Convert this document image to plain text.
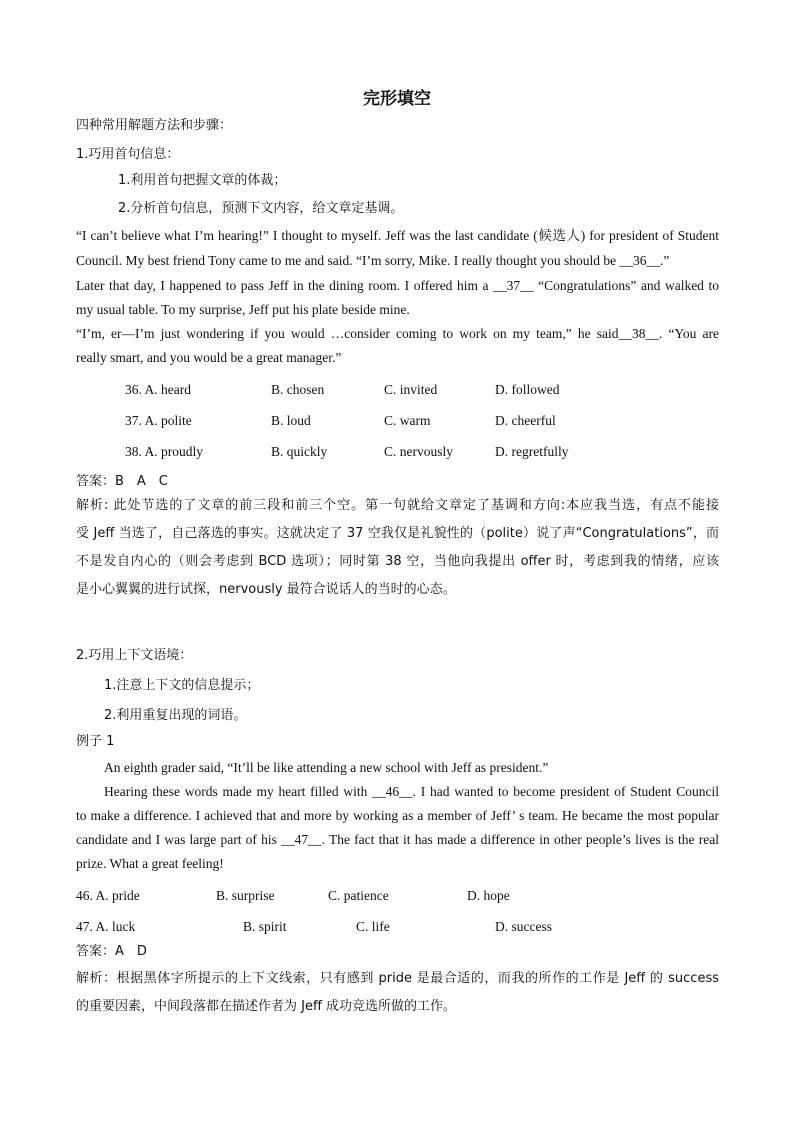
完形填空
四种常用解题方法和步骤：
1.巧用首句信息：
1.利用首句把握文章的体裁；
2.分析首句信息，预测下文内容，给文章定基调。
“I can’t believe what I’m hearing!” I thought to myself. Jeff was the last candidate (候选人) for president of Student
Council. My best friend Tony came to me and said. “I’m sorry, Mike. I really thought you should be __36__.”
Later that day, I happened to pass Jeff in the dining room. I offered him a __37__ “Congratulations” and walked to
my usual table. To my surprise, Jeff put his plate beside mine.
“I’m, er—I’m just wondering if you would …consider coming to work on my team,” he said__38__. “You are
really smart, and you would be a great manager.”
36. A. heard	B. chosen	C. invited	D. followed
37. A. polite	B. loud	C. warm	D. cheerful
38. A. proudly	B. quickly	C. nervously	D. regretfully
答案：B　A　C
解析: 此处节选的了文章的前三段和前三个空。第一句就给文章定了基调和方向:本应我当选，有点不能接
受 Jeff 当选了，自己落选的事实。这就决定了 37 空我仅是礼貌性的（polite）说了声“Congratulations”，而
不是发自内心的（则会考虑到 BCD 选项）；同时第 38 空，当他向我提出 offer 时，考虑到我的情绪，应该
是小心翼翼的进行试探，nervously 最符合说话人的当时的心态。
2.巧用上下文语境：
1.注意上下文的信息提示；
2.利用重复出现的词语。
例子 1
An eighth grader said, “It’ll be like attending a new school with Jeff as president.”
Hearing these words made my heart filled with __46__. I had wanted to become president of Student Council
to make a difference. I achieved that and more by working as a member of Jeff’ s team. He became the most popular
candidate and I was large part of his __47__. The fact that it has made a difference in other people’s lives is the real
prize. What a great feeling!
46. A. pride	B. surprise	C. patience	D. hope
47. A. luck	B. spirit	C. life	D. success
答案：A　D
解析：根据黑体字所提示的上下文线索，只有感到 pride 是最合适的，而我的所作的工作是 Jeff 的 success
的重要因素，中间段落都在描述作者为 Jeff 成功竞选所做的工作。
